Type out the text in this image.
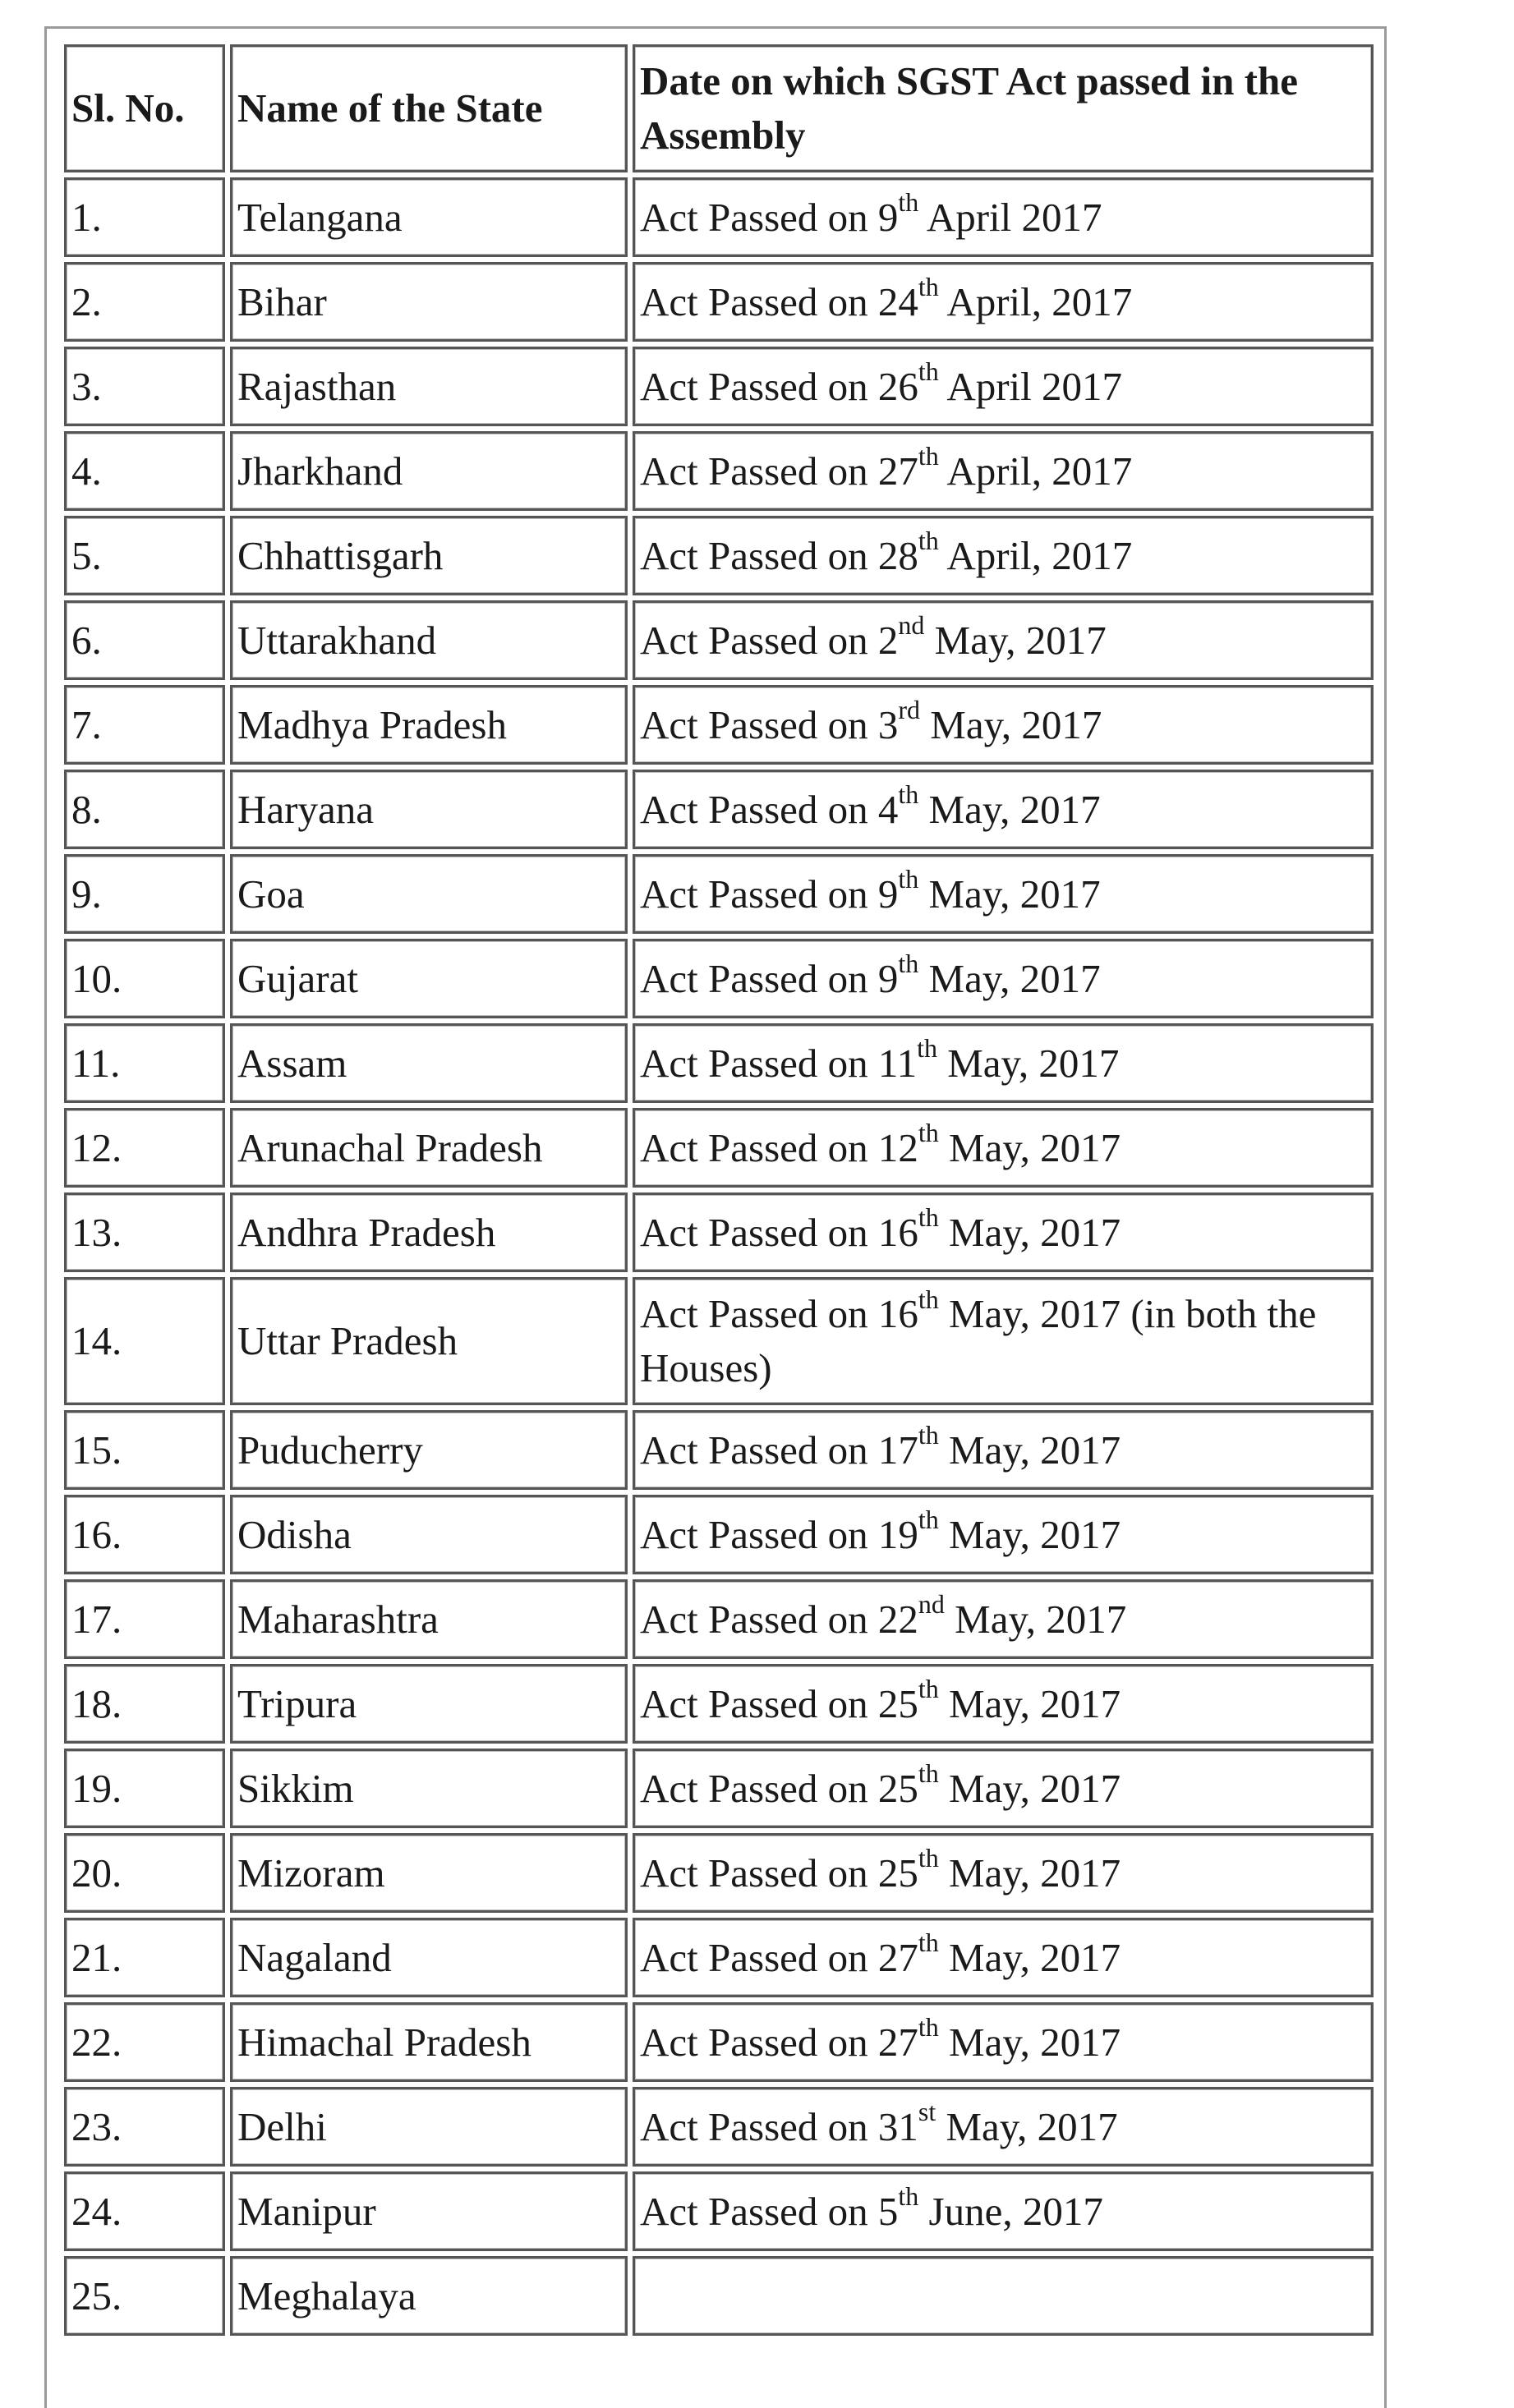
Sl. No.	Name of the State	Date on which SGST Act passed in the Assembly
1.	Telangana	Act Passed on 9th April 2017
2.	Bihar	Act Passed on 24th April, 2017
3.	Rajasthan	Act Passed on 26th April 2017
4.	Jharkhand	Act Passed on 27th April, 2017
5.	Chhattisgarh	Act Passed on 28th April, 2017
6.	Uttarakhand	Act Passed on 2nd May, 2017
7.	Madhya Pradesh	Act Passed on 3rd May, 2017
8.	Haryana	Act Passed on 4th May, 2017
9.	Goa	Act Passed on 9th May, 2017
10.	Gujarat	Act Passed on 9th May, 2017
11.	Assam	Act Passed on 11th May, 2017
12.	Arunachal Pradesh	Act Passed on 12th May, 2017
13.	Andhra Pradesh	Act Passed on 16th May, 2017
14.	Uttar Pradesh	Act Passed on 16th May, 2017 (in both the Houses)
15.	Puducherry	Act Passed on 17th May, 2017
16.	Odisha	Act Passed on 19th May, 2017
17.	Maharashtra	Act Passed on 22nd May, 2017
18.	Tripura	Act Passed on 25th May, 2017
19.	Sikkim	Act Passed on 25th May, 2017
20.	Mizoram	Act Passed on 25th May, 2017
21.	Nagaland	Act Passed on 27th May, 2017
22.	Himachal Pradesh	Act Passed on 27th May, 2017
23.	Delhi	Act Passed on 31st May, 2017
24.	Manipur	Act Passed on 5th June, 2017
25.	Meghalaya	
